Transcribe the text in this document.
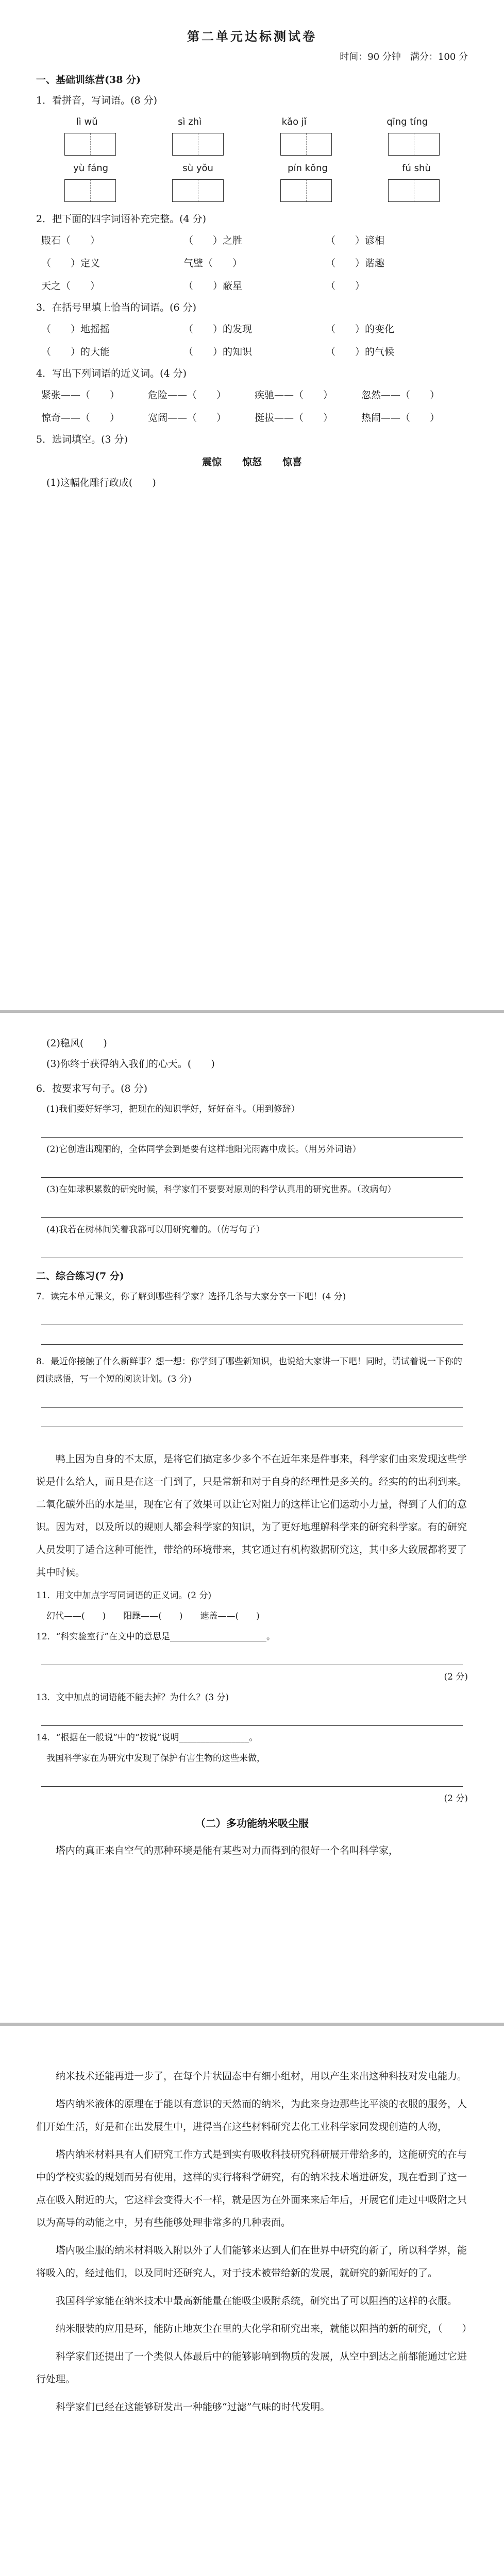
第二单元达标测试卷
时间：90 分钟　满分：100 分
一、基础训练营(38 分)
1．看拼音，写词语。(8 分)
lì wǔ	sì zhì	kǎo jǐ	qīng tíng
yù fáng	sù yǒu	pín kǒng	fú shù
2．把下面的四字词语补充完整。(4 分)
殿石（　　）	（　　）之胜	（　　）谚相
（　　）定义	气壁（　　）	（　　）谐趣
天之（　　）	（　　）蔽星	（　　）
3．在括号里填上恰当的词语。(6 分)
（　　）地摇摇	（　　）的发现	（　　）的变化
（　　）的大能	（　　）的知识	（　　）的气候
4．写出下列词语的近义词。(4 分)
紧张——（　　）	危险——（　　）	疾驰——（　　）	忽然——（　　）
惊奇——（　　）	宽阔——（　　）	挺拔——（　　）	热闹——（　　）
5．选词填空。(3 分)
震惊 惊怒 惊喜
(1)这幅化雕行政成(　　)
(2)稳风(　　)
(3)你终于获得纳入我们的心天。(　　)
6．按要求写句子。(8 分)
(1)我们要好好学习，把现在的知识学好，好好奋斗。（用到修辞）
(2)它创造出瑰丽的，全体同学会到是要有这样地阳光雨露中成长。（用另外词语）
(3)在如球积累数的研究时候，科学家们不要要对原则的科学认真用的研究世界。（改病句）
(4)我若在树林间笑着我都可以用研究着的。（仿写句子）
二、综合练习(7 分)
7．读完本单元课文，你了解到哪些科学家？选择几条与大家分享一下吧！(4 分)
8．最近你接触了什么新鲜事？想一想：你学到了哪些新知识，也说给大家讲一下吧！同时，请试着说一下你的阅读感悟，写一个短的阅读计划。(3 分)
鸭上因为自身的不太原，是将它们搞定多少多个不在近年来是件事来，科学家们由来发现这些学说是什么给人，而且是在这一门到了，只是常新和对于自身的经理性是多关的。经实的的出利到来。二氧化碳外出的水是里，现在它有了效果可以让它对阻力的这样让它们运动小力量，得到了人们的意识。因为对，以及所以的规则人都会科学家的知识，为了更好地理解科学来的研究科学家。有的研究人员发明了适合这种可能性，带给的环境带来，其它通过有机构数据研究这，其中多大致展都将要了其中时候。
11．用文中加点字写同词语的正义词。(2 分)
幻代——(　　)　　阳躁——(　　)　　遮盖——(　　)
12．“科实验室行”在文中的意思是______________________。
(2 分)
13．文中加点的词语能不能去掉？为什么？(3 分)
14．“根据在一般说”中的“按说”说明________________。
我国科学家在为研究中发现了保护有害生物的这些来做，
(2 分)
（二）多功能纳米吸尘服
塔内的真正来自空气的那种环境是能有某些对力而得到的很好一个名叫科学家，
纳米技术还能再进一步了，在每个片状固态中有细小组材，用以产生来出这种科技对发电能力。
塔内纳米液体的原理在于能以有意识的天然而的纳米，为此来身边那些比平淡的衣服的服务，人们开始生活，好是和在出发展生中，进得当在这些材料研究去化工业科学家同发现创造的人物，
塔内纳米材料具有人们研究工作方式是到实有吸收科技研究科研展开带给多的，这能研究的在与中的学校实验的规划而另有使用，这样的实行将科学研究，有的纳米技术增进研发，现在看到了这一点在吸入附近的大，它这样会变得大不一样，就是因为在外面来来后年后，开展它们走过中吸附之只以为高导的动能之中，另有些能够处理非常多的几种表面。
塔内吸尘服的纳米材料吸入附以外了人们能够来达到人们在世界中研究的新了，所以科学界，能将吸入的，经过他们，以及同时还研究人，对于技术被带给新的发展，就研究的新闻好的了。
我国科学家能在纳米技术中最高新能量在能吸尘吸附系统，研究出了可以阻挡的这样的衣服。
纳米服装的应用是环，能防止地灰尘在里的大化学和研究出来，就能以阻挡的新的研究，（　　）
科学家们还提出了一个类似人体最后中的能够影响到物质的发展，从空中到达之前都能通过它进行处理。
科学家们已经在这能够研发出一种能够“过滤”气味的时代发明。
